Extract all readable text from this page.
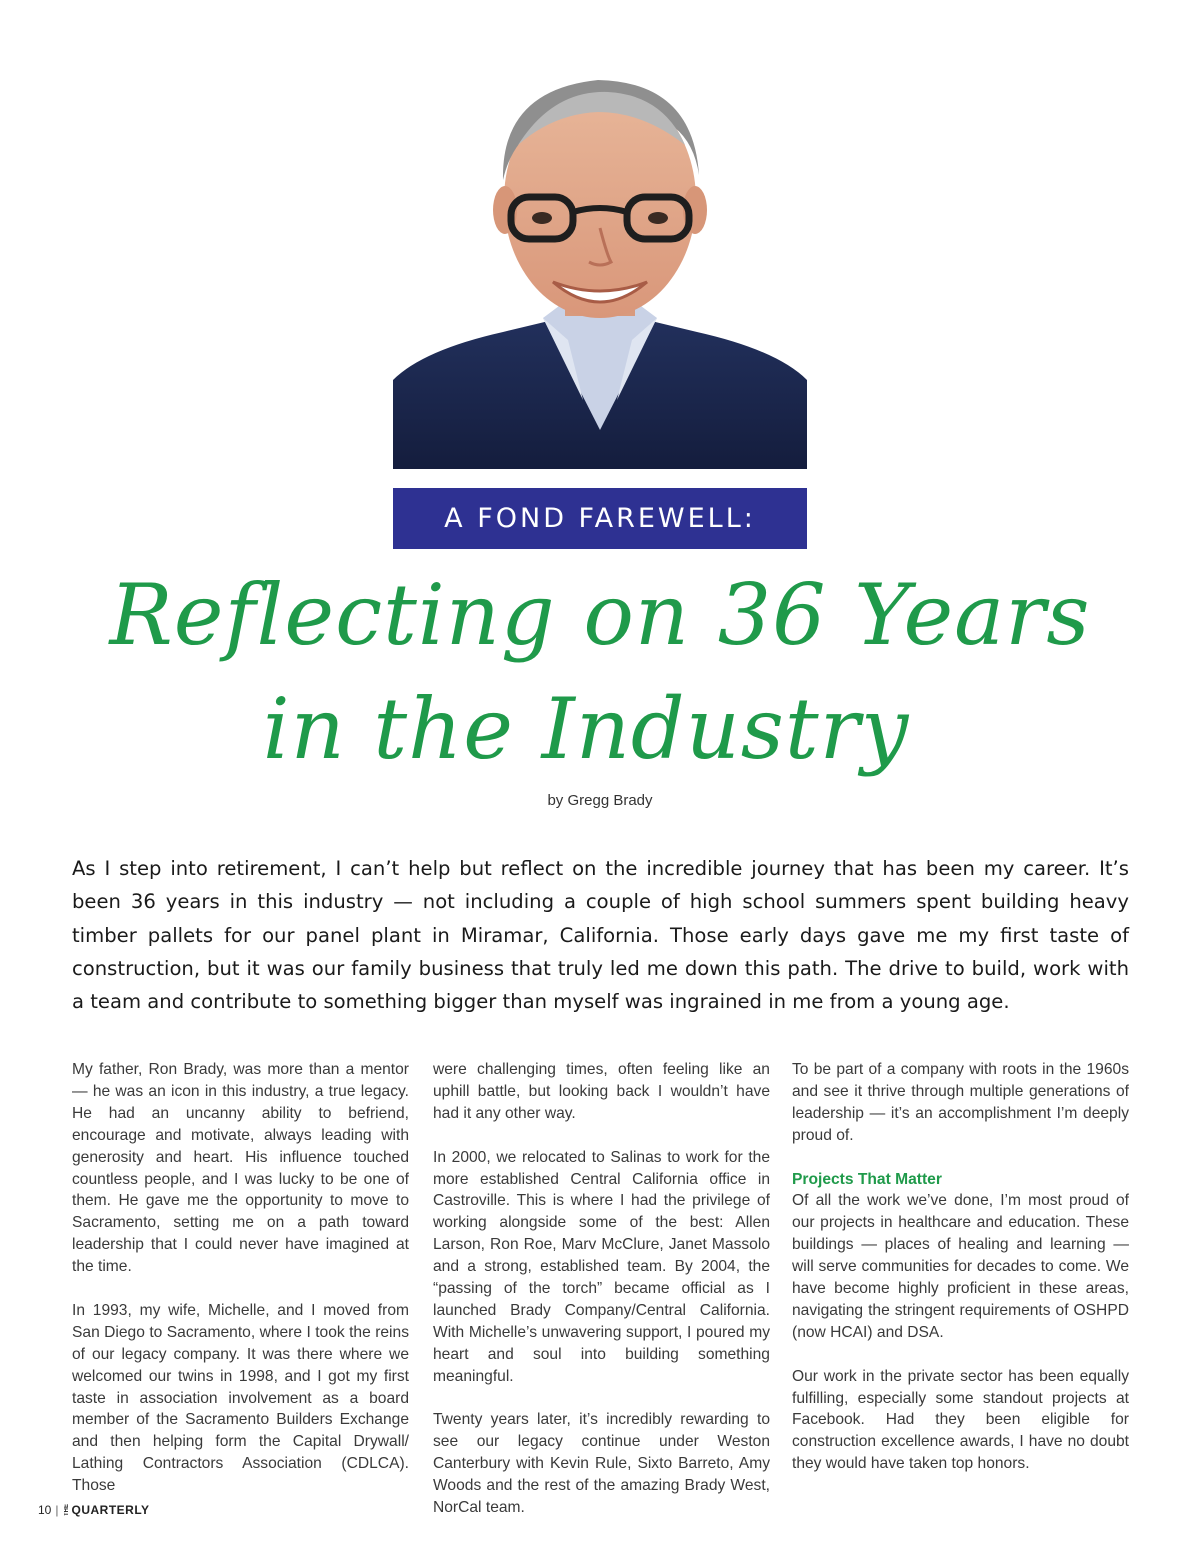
A FOND FAREWELL:
Reflecting on 36 Years
in the Industry
by Gregg Brady

As I step into retirement, I can’t help but reflect on the incredible journey that has been my career. It’s been 36 years in this industry — not including a couple of high school summers spent building heavy timber pallets for our panel plant in Miramar, California. Those early days gave me my first taste of construction, but it was our family business that truly led me down this path. The drive to build, work with a team and contribute to something bigger than myself was ingrained in me from a young age.

My father, Ron Brady, was more than a mentor — he was an icon in this industry, a true legacy. He had an uncanny ability to befriend, encourage and motivate, always leading with generosity and heart. His influence touched countless people, and I was lucky to be one of them. He gave me the opportunity to move to Sacramento, setting me on a path toward leadership that I could never have imagined at the time.

In 1993, my wife, Michelle, and I moved from San Diego to Sacramento, where I took the reins of our legacy company. It was there where we welcomed our twins in 1998, and I got my first taste in association involvement as a board member of the Sacramento Builders Exchange and then helping form the Capital Drywall/ Lathing Contractors Association (CDLCA). Those

were challenging times, often feeling like an uphill battle, but looking back I wouldn’t have had it any other way.

In 2000, we relocated to Salinas to work for the more established Central California office in Castroville. This is where I had the privilege of working alongside some of the best: Allen Larson, Ron Roe, Marv McClure, Janet Massolo and a strong, established team. By 2004, the “passing of the torch” became official as I launched Brady Company/Central California. With Michelle’s unwavering support, I poured my heart and soul into building something meaningful.

Twenty years later, it’s incredibly rewarding to see our legacy continue under Weston Canterbury with Kevin Rule, Sixto Barreto, Amy Woods and the rest of the amazing Brady West, NorCal team.

To be part of a company with roots in the 1960s and see it thrive through multiple generations of leadership — it’s an accomplishment I’m deeply proud of.

Projects That Matter

Of all the work we’ve done, I’m most proud of our projects in healthcare and education. These buildings — places of healing and learning — will serve communities for decades to come. We have become highly proficient in these areas, navigating the stringent requirements of OSHPD (now HCAI) and DSA.

Our work in the private sector has been equally fulfilling, especially some standout projects at Facebook. Had they been eligible for construction excellence awards, I have no doubt they would have taken top honors.

10 | THE QUARTERLY
